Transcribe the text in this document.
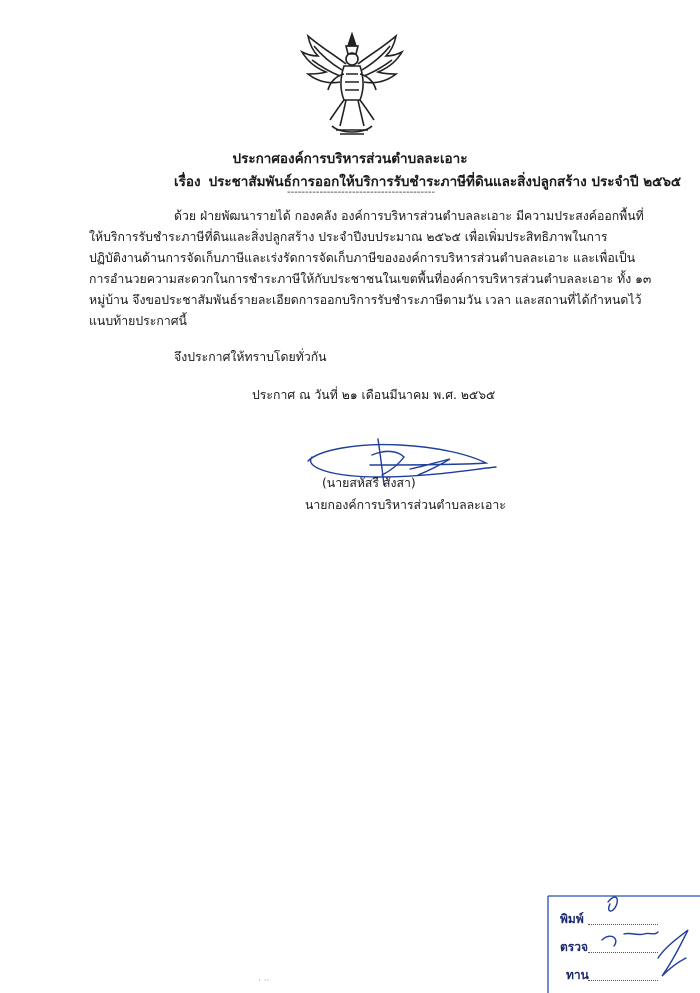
ประกาศองค์การบริหารส่วนตำบลละเอาะ
เรื่อง ประชาสัมพันธ์การออกให้บริการรับชำระภาษีที่ดินและสิ่งปลูกสร้าง ประจำปี ๒๕๖๕
-----------------------------------------
ด้วย ฝ่ายพัฒนารายได้ กองคลัง องค์การบริหารส่วนตำบลละเอาะ มีความประสงค์ออกพื้นที่
ให้บริการรับชำระภาษีที่ดินและสิ่งปลูกสร้าง ประจำปีงบประมาณ ๒๕๖๕ เพื่อเพิ่มประสิทธิภาพในการ
ปฏิบัติงานด้านการจัดเก็บภาษีและเร่งรัดการจัดเก็บภาษีขององค์การบริหารส่วนตำบลละเอาะ และเพื่อเป็น
การอำนวยความสะดวกในการชำระภาษีให้กับประชาชนในเขตพื้นที่องค์การบริหารส่วนตำบลละเอาะ ทั้ง ๑๓
หมู่บ้าน จึงขอประชาสัมพันธ์รายละเอียดการออกบริการรับชำระภาษีตามวัน เวลา และสถานที่ได้กำหนดไว้
แนบท้ายประกาศนี้
จึงประกาศให้ทราบโดยทั่วกัน
ประกาศ ณ วันที่ ๒๑ เดือนมีนาคม พ.ศ. ๒๕๖๕
(นายสหัสรี สังสา)
นายกองค์การบริหารส่วนตำบลละเอาะ
พิมพ์
ตรวจ
ทาน
· ··
